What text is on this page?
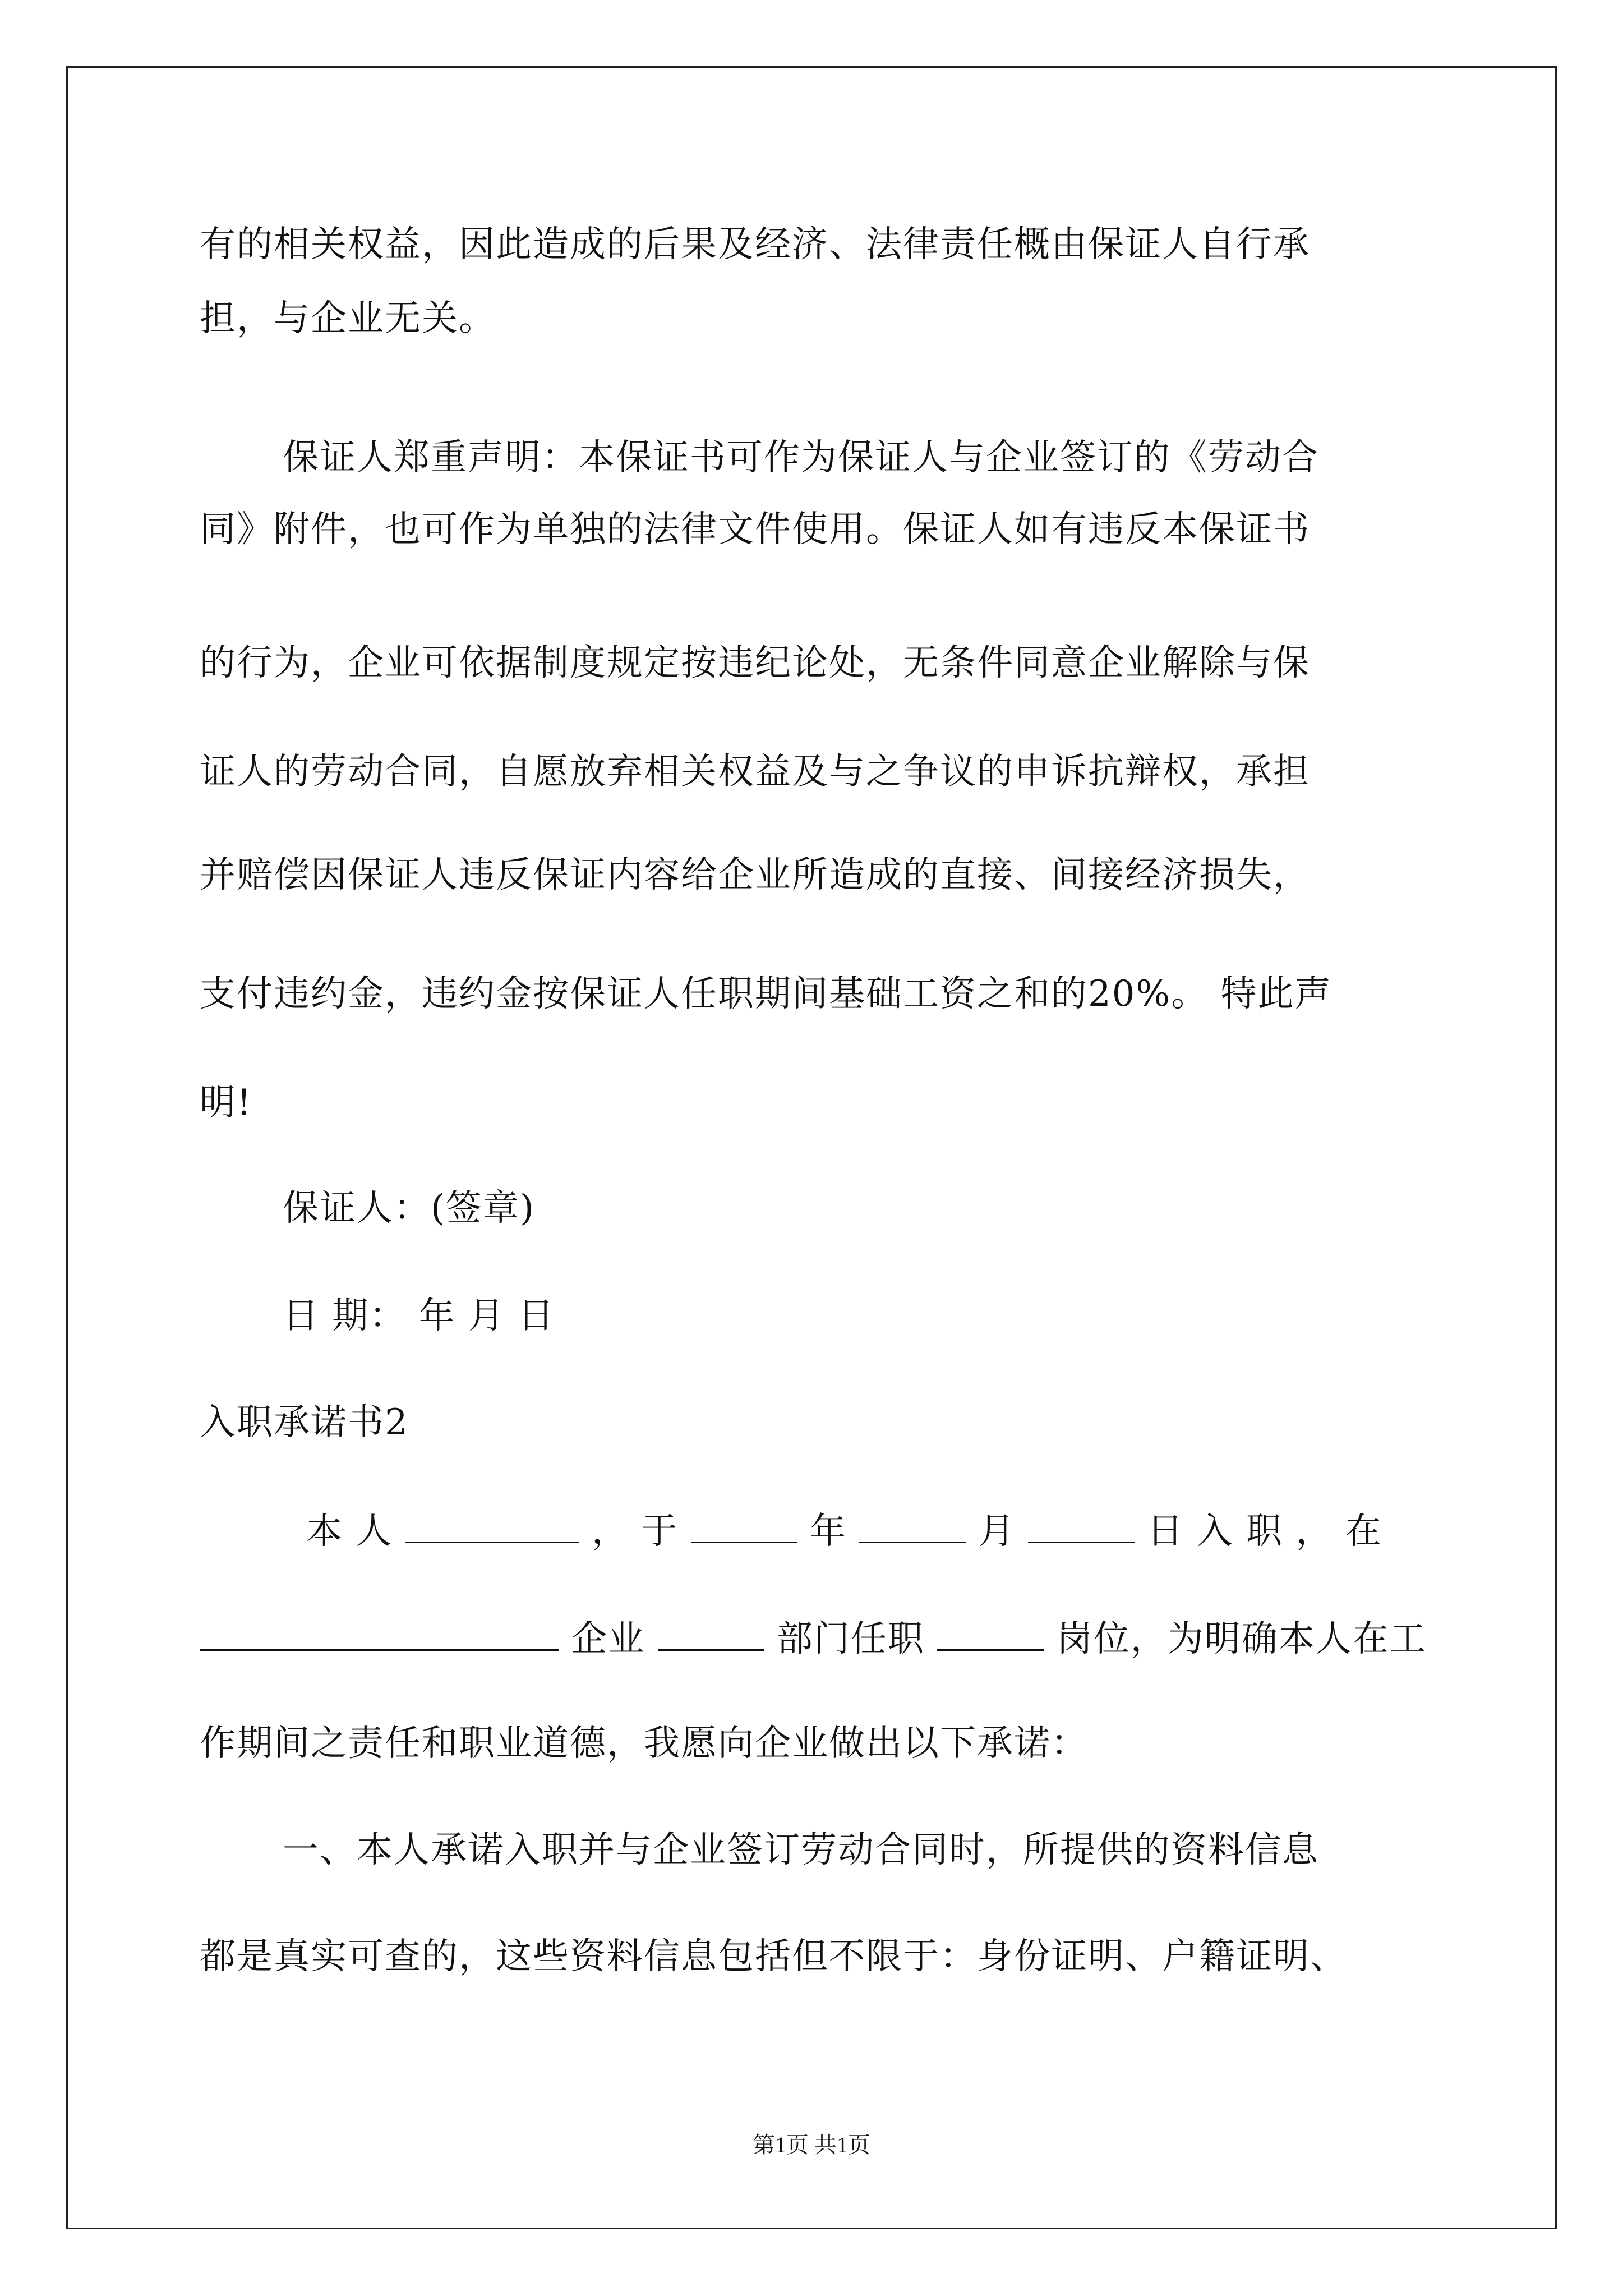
有的相关权益，因此造成的后果及经济、法律责任概由保证人自行承
担，与企业无关。
保证人郑重声明：本保证书可作为保证人与企业签订的《劳动合
同》附件，也可作为单独的法律文件使用。保证人如有违反本保证书
的行为，企业可依据制度规定按违纪论处，无条件同意企业解除与保
证人的劳动合同，自愿放弃相关权益及与之争议的申诉抗辩权，承担
并赔偿因保证人违反保证内容给企业所造成的直接、间接经济损失，
支付违约金，违约金按保证人任职期间基础工资之和的20%。 特此声
明!
保证人：(签章)
日 期： 年 月 日
入职承诺书2
本 人	， 于	年	月	日 入 职 ， 在
企业	部门任职	岗位，为明确本人在工
作期间之责任和职业道德，我愿向企业做出以下承诺：
一、本人承诺入职并与企业签订劳动合同时，所提供的资料信息
都是真实可查的，这些资料信息包括但不限于：身份证明、户籍证明、
第1页 共1页
